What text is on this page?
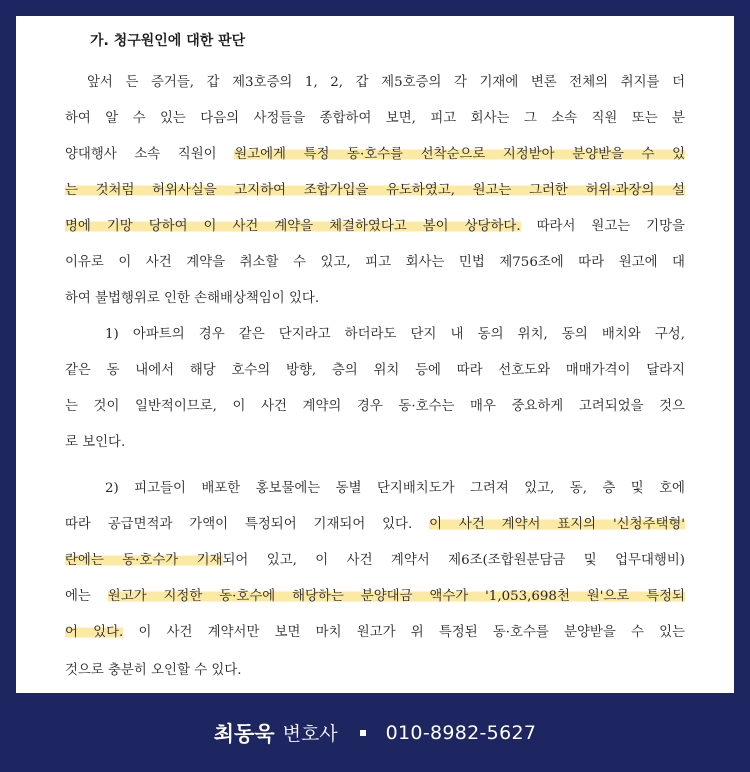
가. 청구원인에 대한 판단
앞서 든 증거들, 갑 제3호증의 1, 2, 갑 제5호증의 각 기재에 변론 전체의 취지를 더
하여 알 수 있는 다음의 사정들을 종합하여 보면, 피고 회사는 그 소속 직원 또는 분
양대행사 소속 직원이 원고에게 특정 동·호수를 선착순으로 지정받아 분양받을 수 있
는 것처럼 허위사실을 고지하여 조합가입을 유도하였고, 원고는 그러한 허위·과장의 설
명에 기망 당하여 이 사건 계약을 체결하였다고 봄이 상당하다. 따라서 원고는 기망을
이유로 이 사건 계약을 취소할 수 있고, 피고 회사는 민법 제756조에 따라 원고에 대
하여 불법행위로 인한 손해배상책임이 있다.
1) 아파트의 경우 같은 단지라고 하더라도 단지 내 동의 위치, 동의 배치와 구성,
같은 동 내에서 해당 호수의 방향, 층의 위치 등에 따라 선호도와 매매가격이 달라지
는 것이 일반적이므로, 이 사건 계약의 경우 동·호수는 매우 중요하게 고려되었을 것으
로 보인다.
2) 피고들이 배포한 홍보물에는 동별 단지배치도가 그려져 있고, 동, 층 및 호에
따라 공급면적과 가액이 특정되어 기재되어 있다. 이 사건 계약서 표지의 '신청주택형'
란에는 동·호수가 기재되어 있고, 이 사건 계약서 제6조(조합원분담금 및 업무대행비)
에는 원고가 지정한 동·호수에 해당하는 분양대금 액수가 '1,053,698천 원'으로 특정되
어 있다. 이 사건 계약서만 보면 마치 원고가 위 특정된 동·호수를 분양받을 수 있는
것으로 충분히 오인할 수 있다.
최동욱 변호사	010-8982-5627
